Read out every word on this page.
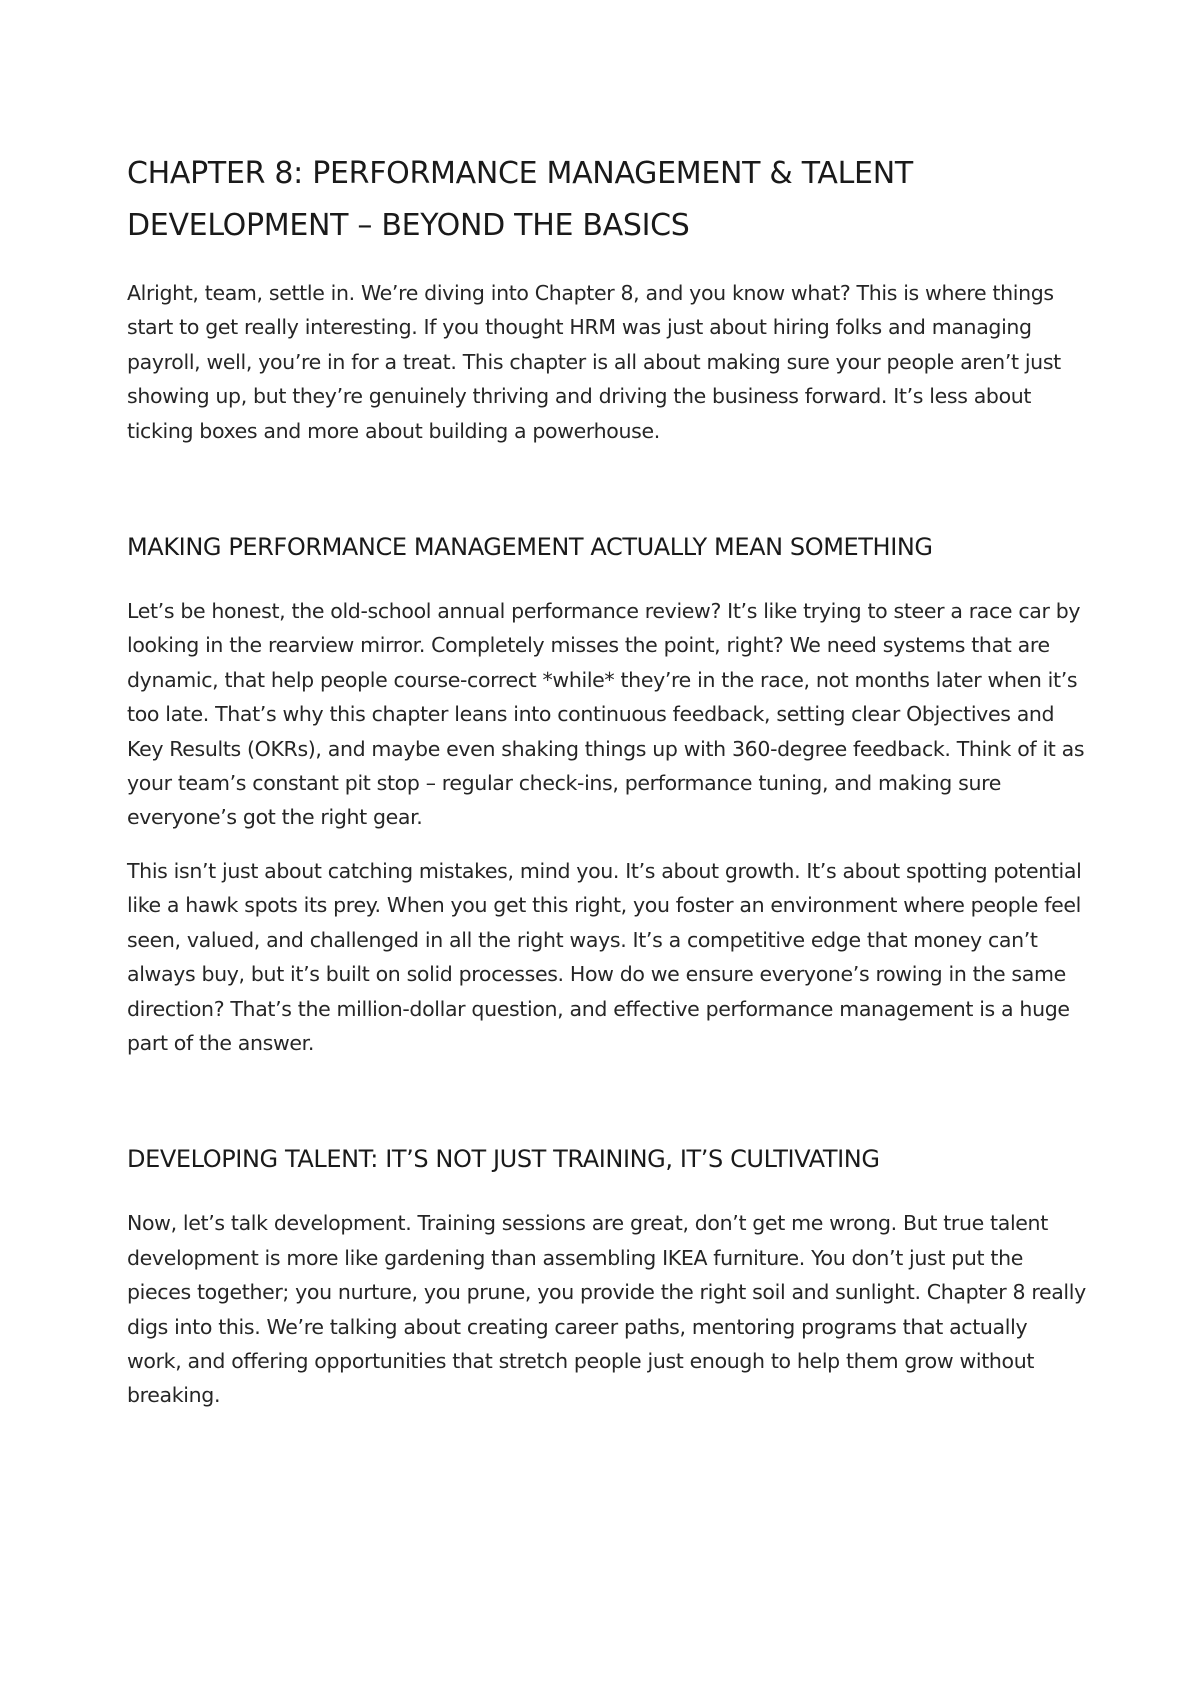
CHAPTER 8: PERFORMANCE MANAGEMENT & TALENT DEVELOPMENT – BEYOND THE BASICS

Alright, team, settle in. We’re diving into Chapter 8, and you know what? This is where things start to get really interesting. If you thought HRM was just about hiring folks and managing payroll, well, you’re in for a treat. This chapter is all about making sure your people aren’t just showing up, but they’re genuinely thriving and driving the business forward. It’s less about ticking boxes and more about building a powerhouse.

MAKING PERFORMANCE MANAGEMENT ACTUALLY MEAN SOMETHING

Let’s be honest, the old-school annual performance review? It’s like trying to steer a race car by looking in the rearview mirror. Completely misses the point, right? We need systems that are dynamic, that help people course-correct *while* they’re in the race, not months later when it’s too late. That’s why this chapter leans into continuous feedback, setting clear Objectives and Key Results (OKRs), and maybe even shaking things up with 360-degree feedback. Think of it as your team’s constant pit stop – regular check-ins, performance tuning, and making sure everyone’s got the right gear.

This isn’t just about catching mistakes, mind you. It’s about growth. It’s about spotting potential like a hawk spots its prey. When you get this right, you foster an environment where people feel seen, valued, and challenged in all the right ways. It’s a competitive edge that money can’t always buy, but it’s built on solid processes. How do we ensure everyone’s rowing in the same direction? That’s the million-dollar question, and effective performance management is a huge part of the answer.

DEVELOPING TALENT: IT’S NOT JUST TRAINING, IT’S CULTIVATING

Now, let’s talk development. Training sessions are great, don’t get me wrong. But true talent development is more like gardening than assembling IKEA furniture. You don’t just put the pieces together; you nurture, you prune, you provide the right soil and sunlight. Chapter 8 really digs into this. We’re talking about creating career paths, mentoring programs that actually work, and offering opportunities that stretch people just enough to help them grow without breaking.
